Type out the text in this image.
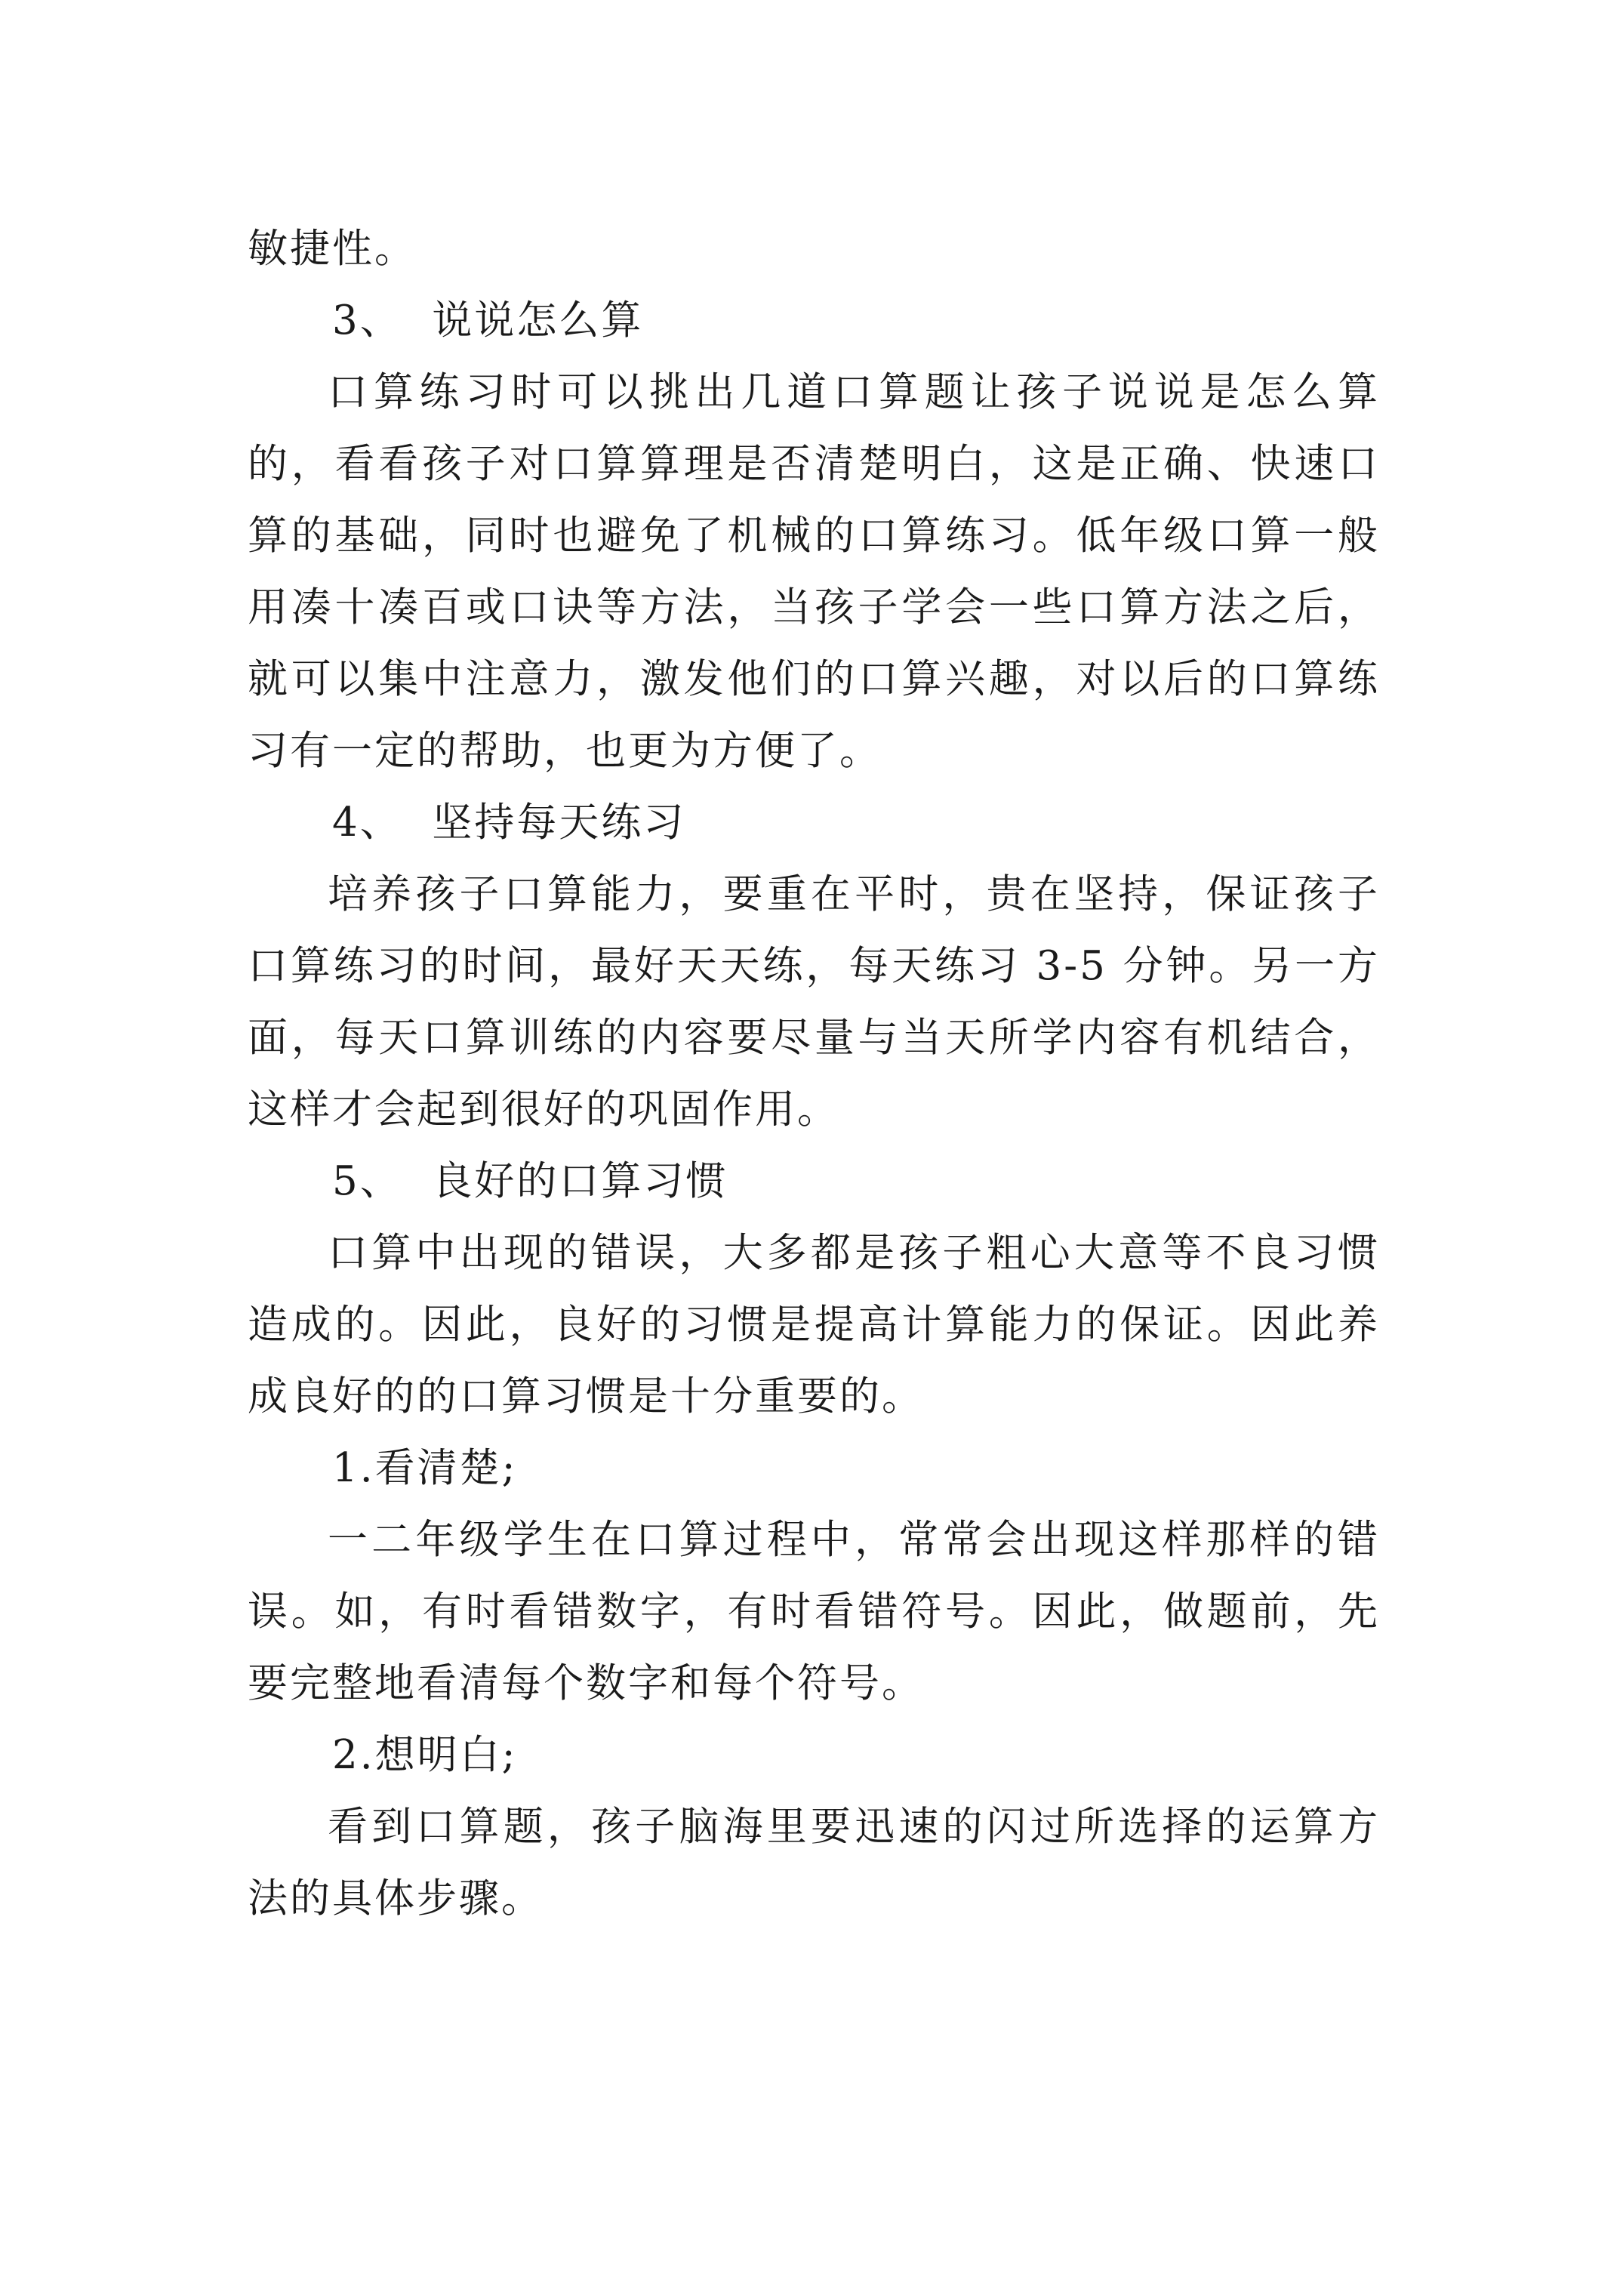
敏捷性。

3、  说说怎么算

口算练习时可以挑出几道口算题让孩子说说是怎么算的，看看孩子对口算算理是否清楚明白，这是正确、快速口算的基础，同时也避免了机械的口算练习。低年级口算一般用凑十凑百或口诀等方法，当孩子学会一些口算方法之后，就可以集中注意力，激发他们的口算兴趣，对以后的口算练习有一定的帮助，也更为方便了。

4、  坚持每天练习

培养孩子口算能力，要重在平时，贵在坚持，保证孩子口算练习的时间，最好天天练，每天练习 3-5 分钟。另一方面，每天口算训练的内容要尽量与当天所学内容有机结合，这样才会起到很好的巩固作用。

5、  良好的口算习惯

口算中出现的错误，大多都是孩子粗心大意等不良习惯造成的。因此，良好的习惯是提高计算能力的保证。因此养成良好的的口算习惯是十分重要的。

1.看清楚;

一二年级学生在口算过程中，常常会出现这样那样的错误。如，有时看错数字，有时看错符号。因此，做题前，先要完整地看清每个数字和每个符号。

2.想明白;

看到口算题，孩子脑海里要迅速的闪过所选择的运算方法的具体步骤。
